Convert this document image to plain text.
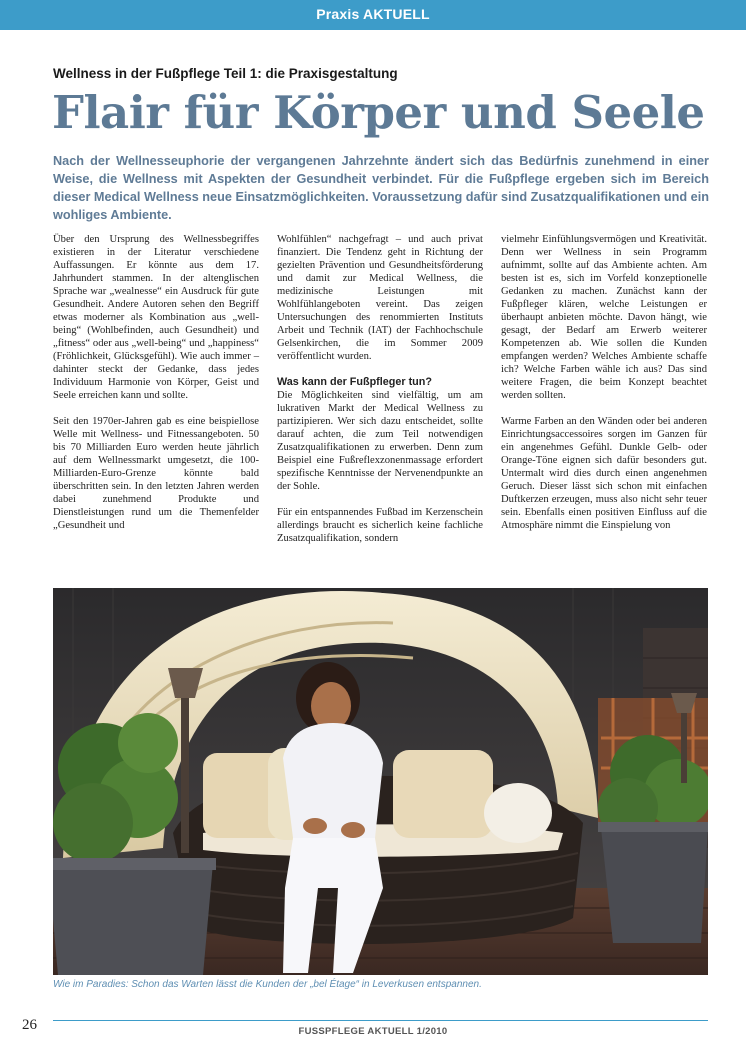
Praxis AKTUELL
Wellness in der Fußpflege Teil 1: die Praxisgestaltung
Flair für Körper und Seele
Nach der Wellnesseuphorie der vergangenen Jahrzehnte ändert sich das Bedürfnis zunehmend in einer Weise, die Wellness mit Aspekten der Gesundheit verbindet. Für die Fußpflege ergeben sich im Bereich dieser Medical Wellness neue Einsatzmöglichkeiten. Voraussetzung dafür sind Zusatzqualifikationen und ein wohliges Ambiente.

Über den Ursprung des Wellnessbegriffes existieren in der Literatur verschiedene Auffassungen. Er könnte aus dem 17. Jahrhundert stammen. In der altenglischen Sprache war „wealnesse“ ein Ausdruck für gute Gesundheit. Andere Autoren sehen den Begriff etwas moderner als Kombination aus „well-being“ (Wohlbefinden, auch Gesundheit) und „fitness“ oder aus „well-being“ und „happiness“ (Fröhlichkeit, Glücksgefühl). Wie auch immer – dahinter steckt der Gedanke, dass jedes Individuum Harmonie von Körper, Geist und Seele erreichen kann und sollte.

Seit den 1970er-Jahren gab es eine beispiellose Welle mit Wellness- und Fitnessangeboten. 50 bis 70 Milliarden Euro werden heute jährlich auf dem Wellnessmarkt umgesetzt, die 100-Milliarden-Euro-Grenze könnte bald überschritten sein. In den letzten Jahren werden dabei zunehmend Produkte und Dienstleistungen rund um die Themenfelder „Gesundheit und

Wohlfühlen“ nachgefragt – und auch privat finanziert. Die Tendenz geht in Richtung der gezielten Prävention und Gesundheitsförderung und damit zur Medical Wellness, die medizinische Leistungen mit Wohlfühlangeboten vereint. Das zeigen Untersuchungen des renommierten Instituts Arbeit und Technik (IAT) der Fachhochschule Gelsenkirchen, die im Sommer 2009 veröffentlicht wurden.

Was kann der Fußpfleger tun?

Die Möglichkeiten sind vielfältig, um am lukrativen Markt der Medical Wellness zu partizipieren. Wer sich dazu entscheidet, sollte darauf achten, die zum Teil notwendigen Zusatzqualifikationen zu erwerben. Denn zum Beispiel eine Fußreflexzonenmassage erfordert spezifische Kenntnisse der Nervenendpunkte an der Sohle.

Für ein entspannendes Fußbad im Kerzenschein allerdings braucht es sicherlich keine fachliche Zusatzqualifikation, sondern

vielmehr Einfühlungsvermögen und Kreativität. Denn wer Wellness in sein Programm aufnimmt, sollte auf das Ambiente achten. Am besten ist es, sich im Vorfeld konzeptionelle Gedanken zu machen. Zunächst kann der Fußpfleger klären, welche Leistungen er überhaupt anbieten möchte. Davon hängt, wie gesagt, der Bedarf am Erwerb weiterer Kompetenzen ab. Wie sollen die Kunden empfangen werden? Welches Ambiente schaffe ich? Welche Farben wähle ich aus? Das sind weitere Fragen, die beim Konzept beachtet werden sollten.

Warme Farben an den Wänden oder bei anderen Einrichtungsaccessoires sorgen im Ganzen für ein angenehmes Gefühl. Dunkle Gelb- oder Orange-Töne eignen sich dafür besonders gut. Untermalt wird dies durch einen angenehmen Geruch. Dieser lässt sich schon mit einfachen Duftkerzen erzeugen, muss also nicht sehr teuer sein. Ebenfalls einen positiven Einfluss auf die Atmosphäre nimmt die Einspielung von

Wie im Paradies: Schon das Warten lässt die Kunden der „bel Étage“ in Leverkusen entspannen.
26	FUSSPFLEGE AKTUELL 1/2010
